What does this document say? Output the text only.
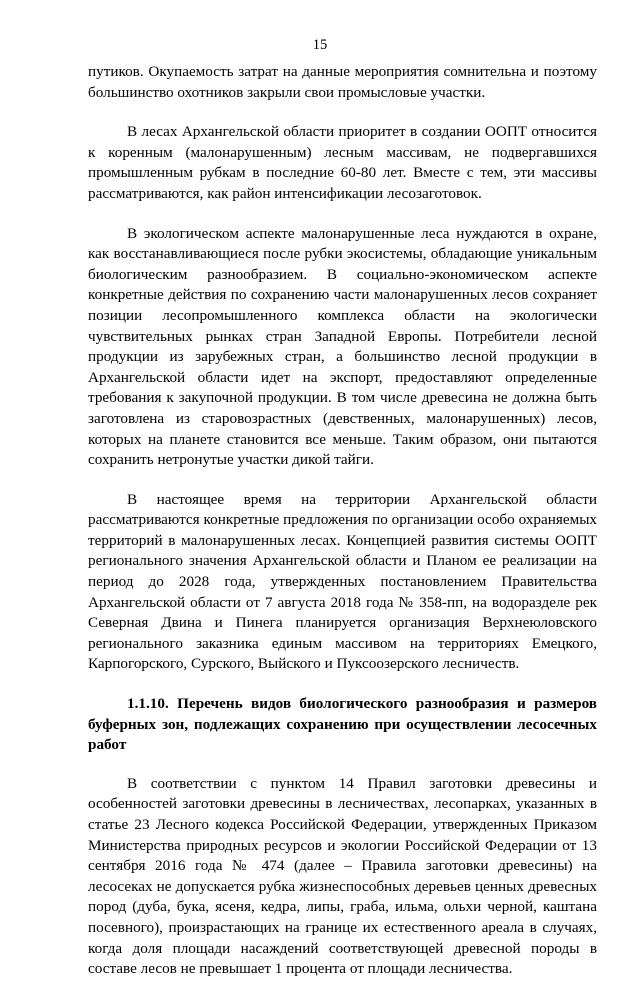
15

путиков. Окупаемость затрат на данные мероприятия сомнительна и поэтому большинство охотников закрыли свои промысловые участки.

В лесах Архангельской области приоритет в создании ООПТ относится к коренным (малонарушенным) лесным массивам, не подвергавшихся промышленным рубкам в последние 60-80 лет. Вместе с тем, эти массивы рассматриваются, как район интенсификации лесозаготовок.

В экологическом аспекте малонарушенные леса нуждаются в охране, как восстанавливающиеся после рубки экосистемы, обладающие уникальным биологическим разнообразием. В социально-экономическом аспекте конкретные действия по сохранению части малонарушенных лесов сохраняет позиции лесопромышленного комплекса области на экологически чувствительных рынках стран Западной Европы. Потребители лесной продукции из зарубежных стран, а большинство лесной продукции в Архангельской области идет на экспорт, предоставляют определенные требования к закупочной продукции. В том числе древесина не должна быть заготовлена из старовозрастных (девственных, малонарушенных) лесов, которых на планете становится все меньше. Таким образом, они пытаются сохранить нетронутые участки дикой тайги.

В настоящее время на территории Архангельской области рассматриваются конкретные предложения по организации особо охраняемых территорий в малонарушенных лесах. Концепцией развития системы ООПТ регионального значения Архангельской области и Планом ее реализации на период до 2028 года, утвержденных постановлением Правительства Архангельской области от 7 августа 2018 года № 358-пп, на водоразделе рек Северная Двина и Пинега планируется организация Верхнеюловского регионального заказника единым массивом на территориях Емецкого, Карпогорского, Сурского, Выйского и Пуксоозерского лесничеств.

1.1.10. Перечень видов биологического разнообразия и размеров буферных зон, подлежащих сохранению при осуществлении лесосечных работ

В соответствии с пунктом 14 Правил заготовки древесины и особенностей заготовки древесины в лесничествах, лесопарках, указанных в статье 23 Лесного кодекса Российской Федерации, утвержденных Приказом Министерства природных ресурсов и экологии Российской Федерации от 13 сентября 2016 года № 474 (далее – Правила заготовки древесины) на лесосеках не допускается рубка жизнеспособных деревьев ценных древесных пород (дуба, бука, ясеня, кедра, липы, граба, ильма, ольхи черной, каштана посевного), произрастающих на границе их естественного ареала в случаях, когда доля площади насаждений соответствующей древесной породы в составе лесов не превышает 1 процента от площади лесничества.
